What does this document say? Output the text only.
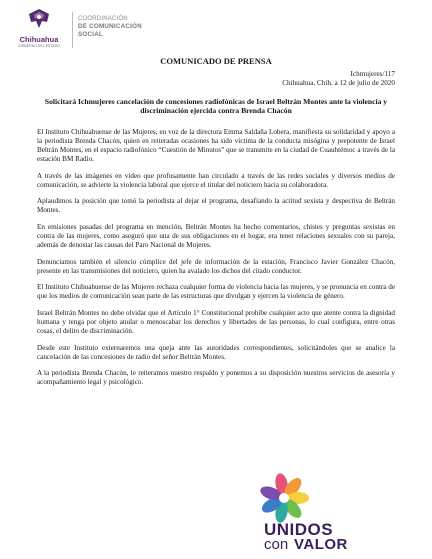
Chihuahua
GOBIERNO DEL ESTADO
COORDINACIÓN
DE COMUNICACIÓN
SOCIAL
COMUNICADO DE PRENSA
Ichmujeres/117
Chihuahua, Chih. a 12 de julio de 2020
Solicitará Ichmujeres cancelación de concesiones radiofónicas de Israel Beltrán Montes ante la violencia y discriminación ejercida contra Brenda Chacón

El Instituto Chihuahuense de las Mujeres, en voz de la directora Emma Saldaña Lobera, manifiesta su solidaridad y apoyo a la periodista Brenda Chacón, quien en reiteradas ocasiones ha sido víctima de la conducta misógina y prepotente de Israel Beltrán Montes, en el espacio radiofónico “Cuestión de Minutos” que se transmite en la ciudad de Cuauhtémoc a través de la estación BM Radio.

A través de las imágenes en video que profusamente han circulado a través de las redes sociales y diversos medios de comunicación, se advierte la violencia laboral que ejerce el titular del noticiero hacia su colaboradora.

Aplaudimos la posición que tomó la periodista al dejar el programa, desafiando la actitud sexista y despectiva de Beltrán Montes.

En emisiones pasadas del programa en mención, Beltrán Montes ha hecho comentarios, chistes y preguntas sexistas en contra de las mujeres, como aseguró que una de sus obligaciones en el hogar, era tener relaciones sexuales con su pareja, además de denostar las causas del Paro Nacional de Mujeres.

Denunciamos también el silencio cómplice del jefe de información de la estación, Francisco Javier González Chacón, presente en las transmisiones del noticiero, quien ha avalado los dichos del citado conductor.

El Instituto Chihuahuense de las Mujeres rechaza cualquier forma de violencia hacia las mujeres, y se pronuncia en contra de que los medios de comunicación sean parte de las estructuras que divulgan y ejercen la violencia de género.

Israel Beltrán Montes no debe olvidar que el Artículo 1° Constitucional prohíbe cualquier acto que atente contra la dignidad humana y tenga por objeto anular o menoscabar los derechos y libertades de las personas, lo cual configura, entre otras cosas, el delito de discriminación.

Desde este Instituto externaremos una queja ante las autoridades correspondientes, solicitándoles que se analice la cancelación de las concesiones de radio del señor Beltrán Montes.

A la periodista Brenda Chacón, le reiteramos nuestro respaldo y ponemos a su disposición nuestros servicios de asesoría y acompañamiento legal y psicológico.

UNIDOS
con VALOR
